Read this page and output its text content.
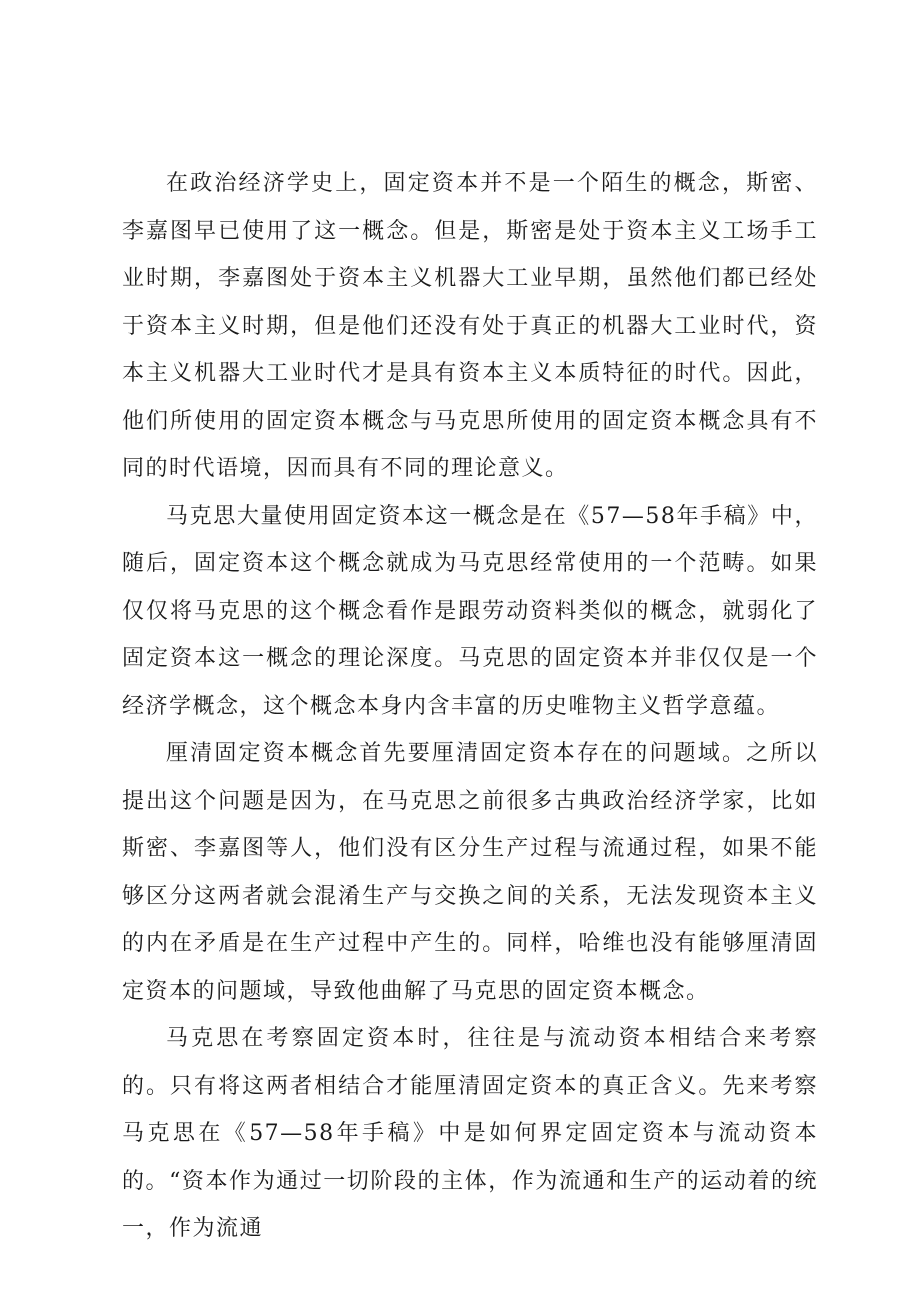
在政治经济学史上，固定资本并不是一个陌生的概念，斯密、李嘉图早已使用了这一概念。但是，斯密是处于资本主义工场手工业时期，李嘉图处于资本主义机器大工业早期，虽然他们都已经处于资本主义时期，但是他们还没有处于真正的机器大工业时代，资本主义机器大工业时代才是具有资本主义本质特征的时代。因此，他们所使用的固定资本概念与马克思所使用的固定资本概念具有不同的时代语境，因而具有不同的理论意义。

马克思大量使用固定资本这一概念是在《57—58年手稿》中，随后，固定资本这个概念就成为马克思经常使用的一个范畴。如果仅仅将马克思的这个概念看作是跟劳动资料类似的概念，就弱化了固定资本这一概念的理论深度。马克思的固定资本并非仅仅是一个经济学概念，这个概念本身内含丰富的历史唯物主义哲学意蕴。

厘清固定资本概念首先要厘清固定资本存在的问题域。之所以提出这个问题是因为，在马克思之前很多古典政治经济学家，比如斯密、李嘉图等人，他们没有区分生产过程与流通过程，如果不能够区分这两者就会混淆生产与交换之间的关系，无法发现资本主义的内在矛盾是在生产过程中产生的。同样，哈维也没有能够厘清固定资本的问题域，导致他曲解了马克思的固定资本概念。

马克思在考察固定资本时，往往是与流动资本相结合来考察的。只有将这两者相结合才能厘清固定资本的真正含义。先来考察马克思在《57—58年手稿》中是如何界定固定资本与流动资本的。“资本作为通过一切阶段的主体，作为流通和生产的运动着的统一，作为流通
